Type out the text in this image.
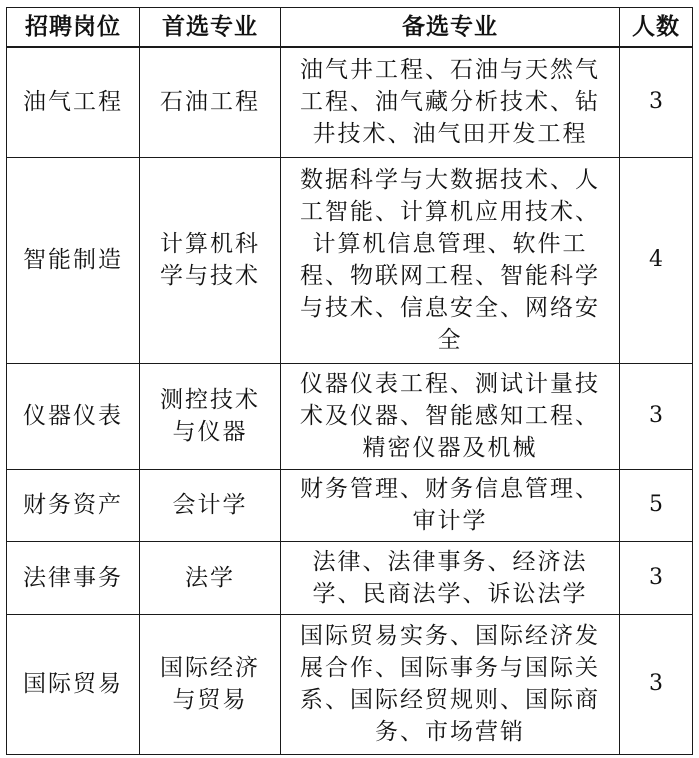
招聘岗位	首选专业	备选专业	人数
油气工程	石油工程	油气井工程、石油与天然气工程、油气藏分析技术、钻井技术、油气田开发工程	3
智能制造	计算机科学与技术	数据科学与大数据技术、人工智能、计算机应用技术、计算机信息管理、软件工程、物联网工程、智能科学与技术、信息安全、网络安全	4
仪器仪表	测控技术与仪器	仪器仪表工程、测试计量技术及仪器、智能感知工程、精密仪器及机械	3
财务资产	会计学	财务管理、财务信息管理、审计学	5
法律事务	法学	法律、法律事务、经济法学、民商法学、诉讼法学	3
国际贸易	国际经济与贸易	国际贸易实务、国际经济发展合作、国际事务与国际关系、国际经贸规则、国际商务、市场营销	3
